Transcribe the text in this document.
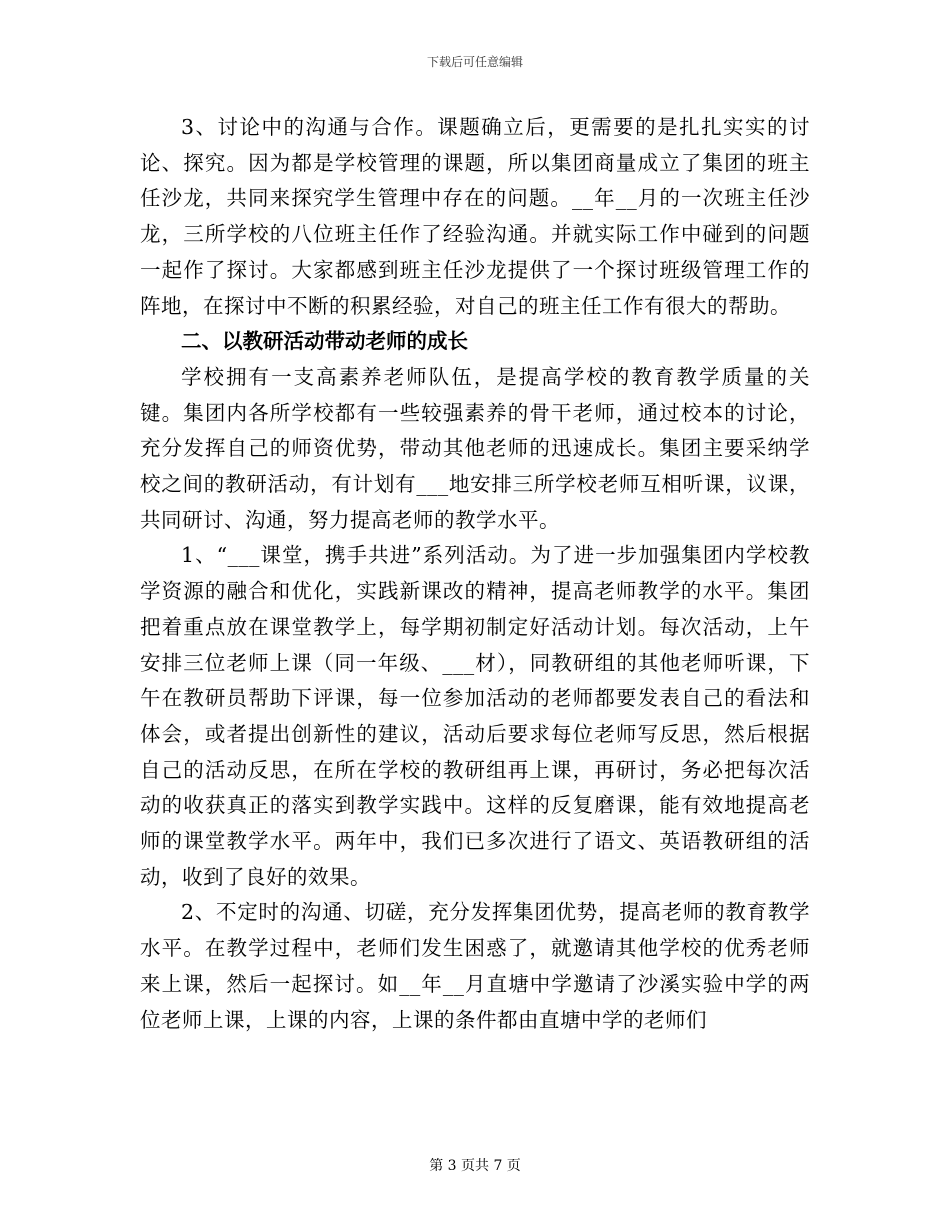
下载后可任意编辑

3、讨论中的沟通与合作。课题确立后，更需要的是扎扎实实的讨论、探究。因为都是学校管理的课题，所以集团商量成立了集团的班主任沙龙，共同来探究学生管理中存在的问题。__年__月的一次班主任沙龙，三所学校的八位班主任作了经验沟通。并就实际工作中碰到的问题一起作了探讨。大家都感到班主任沙龙提供了一个探讨班级管理工作的阵地，在探讨中不断的积累经验，对自己的班主任工作有很大的帮助。

二、以教研活动带动老师的成长

学校拥有一支高素养老师队伍，是提高学校的教育教学质量的关键。集团内各所学校都有一些较强素养的骨干老师，通过校本的讨论，充分发挥自己的师资优势，带动其他老师的迅速成长。集团主要采纳学校之间的教研活动，有计划有___地安排三所学校老师互相听课，议课，共同研讨、沟通，努力提高老师的教学水平。

1、“___课堂，携手共进”系列活动。为了进一步加强集团内学校教学资源的融合和优化，实践新课改的精神，提高老师教学的水平。集团把着重点放在课堂教学上，每学期初制定好活动计划。每次活动，上午安排三位老师上课（同一年级、___材），同教研组的其他老师听课，下午在教研员帮助下评课，每一位参加活动的老师都要发表自己的看法和体会，或者提出创新性的建议，活动后要求每位老师写反思，然后根据自己的活动反思，在所在学校的教研组再上课，再研讨，务必把每次活动的收获真正的落实到教学实践中。这样的反复磨课，能有效地提高老师的课堂教学水平。两年中，我们已多次进行了语文、英语教研组的活动，收到了良好的效果。

2、不定时的沟通、切磋，充分发挥集团优势，提高老师的教育教学水平。在教学过程中，老师们发生困惑了，就邀请其他学校的优秀老师来上课，然后一起探讨。如__年__月直塘中学邀请了沙溪实验中学的两位老师上课，上课的内容，上课的条件都由直塘中学的老师们

第 3 页共 7 页
